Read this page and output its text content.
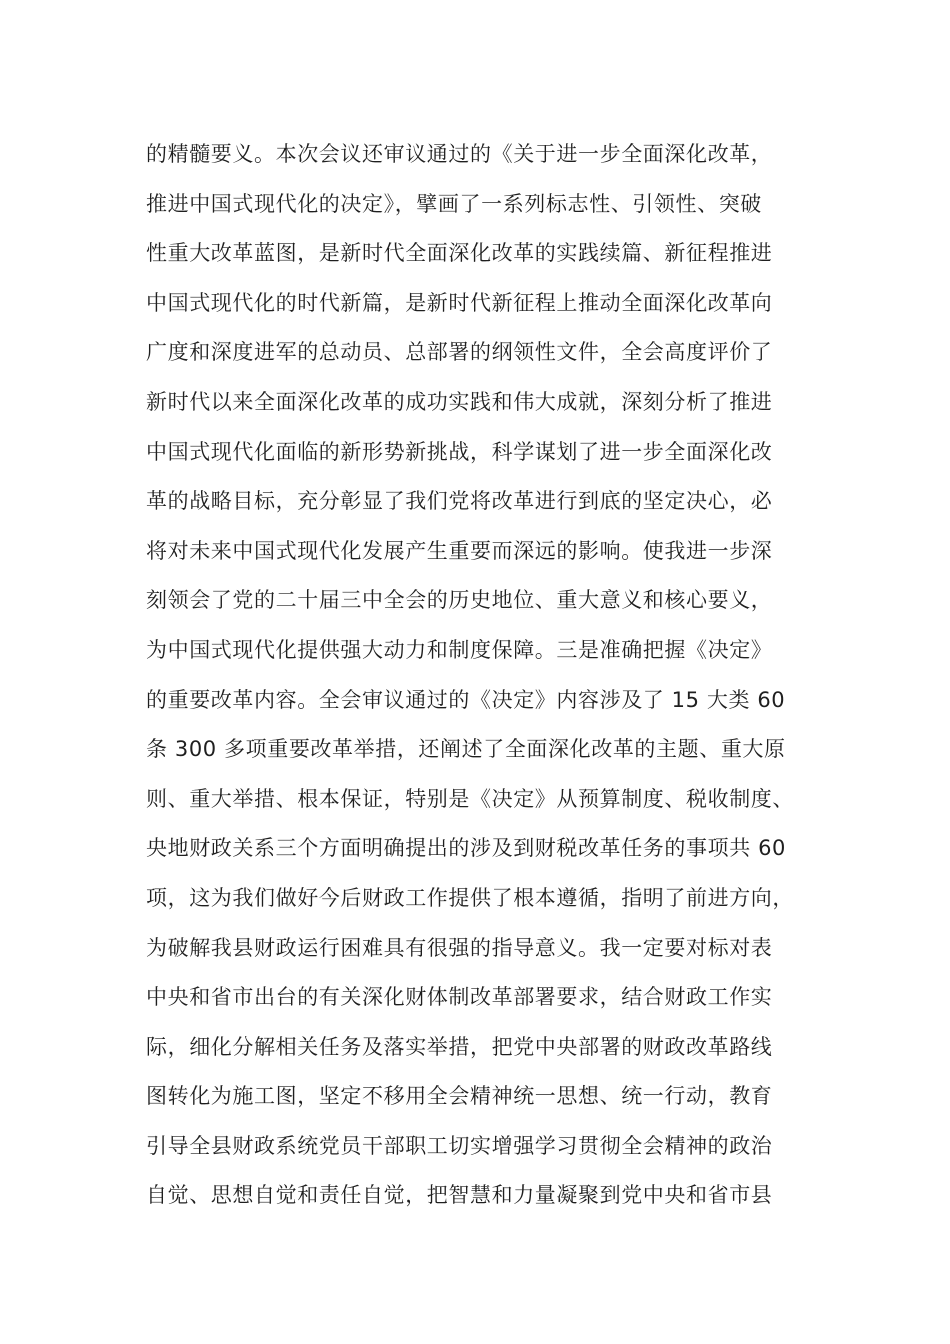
的精髓要义。本次会议还审议通过的《关于进一步全面深化改革，
推进中国式现代化的决定》，擘画了一系列标志性、引领性、突破
性重大改革蓝图，是新时代全面深化改革的实践续篇、新征程推进
中国式现代化的时代新篇，是新时代新征程上推动全面深化改革向
广度和深度进军的总动员、总部署的纲领性文件，全会高度评价了
新时代以来全面深化改革的成功实践和伟大成就，深刻分析了推进
中国式现代化面临的新形势新挑战，科学谋划了进一步全面深化改
革的战略目标，充分彰显了我们党将改革进行到底的坚定决心，必
将对未来中国式现代化发展产生重要而深远的影响。使我进一步深
刻领会了党的二十届三中全会的历史地位、重大意义和核心要义，
为中国式现代化提供强大动力和制度保障。三是准确把握《决定》
的重要改革内容。全会审议通过的《决定》内容涉及了 15 大类 60
条 300 多项重要改革举措，还阐述了全面深化改革的主题、重大原
则、重大举措、根本保证，特别是《决定》从预算制度、税收制度、
央地财政关系三个方面明确提出的涉及到财税改革任务的事项共 60
项，这为我们做好今后财政工作提供了根本遵循，指明了前进方向，
为破解我县财政运行困难具有很强的指导意义。我一定要对标对表
中央和省市出台的有关深化财体制改革部署要求，结合财政工作实
际，细化分解相关任务及落实举措，把党中央部署的财政改革路线
图转化为施工图，坚定不移用全会精神统一思想、统一行动，教育
引导全县财政系统党员干部职工切实增强学习贯彻全会精神的政治
自觉、思想自觉和责任自觉，把智慧和力量凝聚到党中央和省市县
